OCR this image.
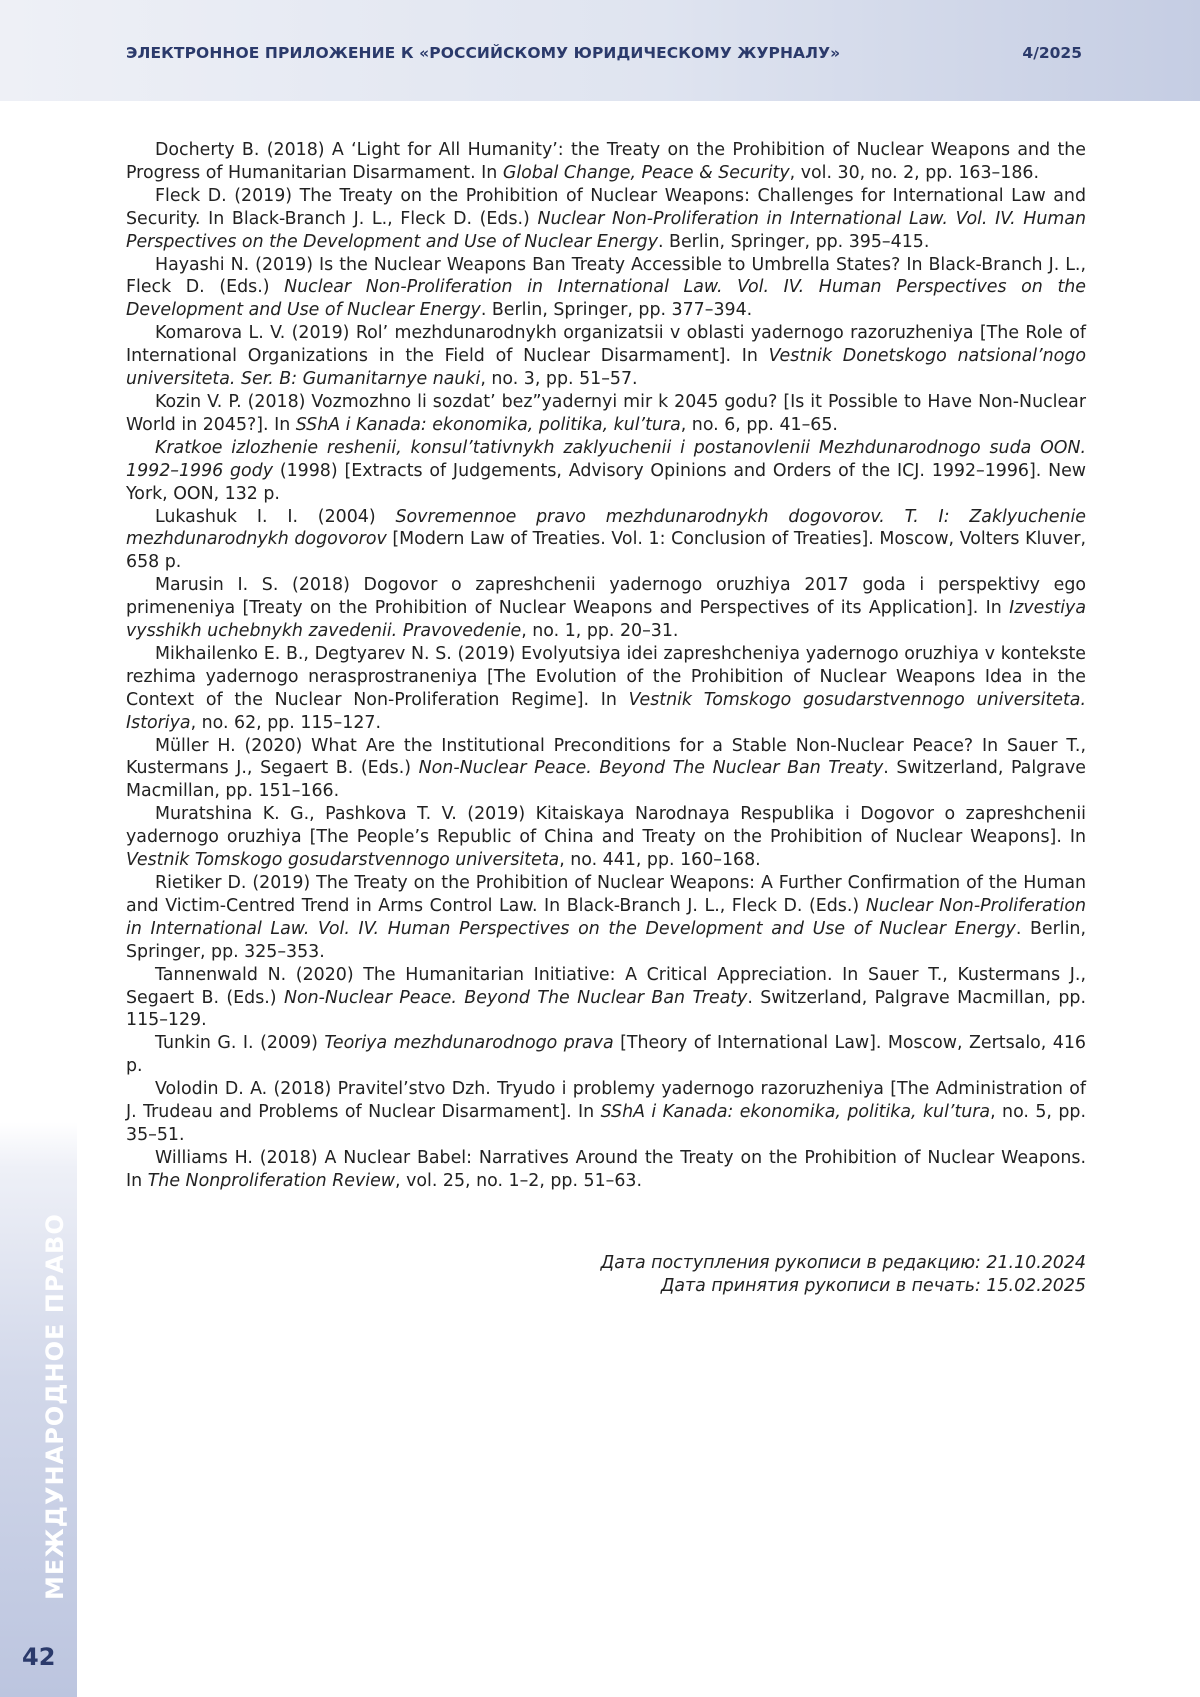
ЭЛЕКТРОННОЕ ПРИЛОЖЕНИЕ К «РОССИЙСКОМУ ЮРИДИЧЕСКОМУ ЖУРНАЛУ»	4/2025
МЕЖДУНАРОДНОЕ ПРАВО
42

Docherty B. (2018) A ‘Light for All Humanity’: the Treaty on the Prohibition of Nuclear Weapons and the Progress of Humanitarian Disarmament. In Global Change, Peace & Security, vol. 30, no. 2, pp. 163–186.

Fleck D. (2019) The Treaty on the Prohibition of Nuclear Weapons: Challenges for International Law and Security. In Black-Branch J. L., Fleck D. (Eds.) Nuclear Non-Proliferation in International Law. Vol. IV. Human Perspectives on the Development and Use of Nuclear Energy. Berlin, Springer, pp. 395–415.

Hayashi N. (2019) Is the Nuclear Weapons Ban Treaty Accessible to Umbrella States? In Black-Branch J. L., Fleck D. (Eds.) Nuclear Non-Proliferation in International Law. Vol. IV. Human Perspectives on the Development and Use of Nuclear Energy. Berlin, Springer, pp. 377–394.

Komarova L. V. (2019) Rol’ mezhdunarodnykh organizatsii v oblasti yadernogo razoruzheniya [The Role of International Organizations in the Field of Nuclear Disarmament]. In Vestnik Donetskogo natsional’nogo universiteta. Ser. B: Gumanitarnye nauki, no. 3, pp. 51–57.

Kozin V. P. (2018) Vozmozhno li sozdat’ bez”yadernyi mir k 2045 godu? [Is it Possible to Have Non-Nuclear World in 2045?]. In SShA i Kanada: ekonomika, politika, kul’tura, no. 6, pp. 41–65.

Kratkoe izlozhenie reshenii, konsul’tativnykh zaklyuchenii i postanovlenii Mezhdunarodnogo suda OON. 1992–1996 gody (1998) [Extracts of Judgements, Advisory Opinions and Orders of the ICJ. 1992–1996]. New York, OON, 132 p.

Lukashuk I. I. (2004) Sovremennoe pravo mezhdunarodnykh dogovorov. T. I: Zaklyuchenie mezhdunarodnykh dogovorov [Modern Law of Treaties. Vol. 1: Conclusion of Treaties]. Moscow, Volters Kluver, 658 p.

Marusin I. S. (2018) Dogovor o zapreshchenii yadernogo oruzhiya 2017 goda i perspektivy ego primeneniya [Treaty on the Prohibition of Nuclear Weapons and Perspectives of its Application]. In Izvestiya vysshikh uchebnykh zavedenii. Pravovedenie, no. 1, pp. 20–31.

Mikhailenko E. B., Degtyarev N. S. (2019) Evolyutsiya idei zapreshcheniya yadernogo oruzhiya v kontekste rezhima yadernogo nerasprostraneniya [The Evolution of the Prohibition of Nuclear Weapons Idea in the Context of the Nuclear Non-Proliferation Regime]. In Vestnik Tomskogo gosudarstvennogo universiteta. Istoriya, no. 62, pp. 115–127.

Müller H. (2020) What Are the Institutional Preconditions for a Stable Non-Nuclear Peace? In Sauer T., Kustermans J., Segaert B. (Eds.) Non-Nuclear Peace. Beyond The Nuclear Ban Treaty. Switzerland, Palgrave Macmillan, pp. 151–166.

Muratshina K. G., Pashkova T. V. (2019) Kitaiskaya Narodnaya Respublika i Dogovor o zapreshchenii yadernogo oruzhiya [The People’s Republic of China and Treaty on the Prohibition of Nuclear Weapons]. In Vestnik Tomskogo gosudarstvennogo universiteta, no. 441, pp. 160–168.

Rietiker D. (2019) The Treaty on the Prohibition of Nuclear Weapons: A Further Confirmation of the Human and Victim-Centred Trend in Arms Control Law. In Black-Branch J. L., Fleck D. (Eds.) Nuclear Non-Proliferation in International Law. Vol. IV. Human Perspectives on the Development and Use of Nuclear Energy. Berlin, Springer, pp. 325–353.

Tannenwald N. (2020) The Humanitarian Initiative: A Critical Appreciation. In Sauer T., Kustermans J., Segaert B. (Eds.) Non-Nuclear Peace. Beyond The Nuclear Ban Treaty. Switzerland, Palgrave Macmillan, pp. 115–129.

Tunkin G. I. (2009) Teoriya mezhdunarodnogo prava [Theory of International Law]. Moscow, Zertsalo, 416 p.

Volodin D. A. (2018) Pravitel’stvo Dzh. Tryudo i problemy yadernogo razoruzheniya [The Administration of J. Trudeau and Problems of Nuclear Disarmament]. In SShA i Kanada: ekonomika, politika, kul’tura, no. 5, pp. 35–51.

Williams H. (2018) A Nuclear Babel: Narratives Around the Treaty on the Prohibition of Nuclear Weapons. In The Nonproliferation Review, vol. 25, no. 1–2, pp. 51–63.

Дата поступления рукописи в редакцию: 21.10.2024
Дата принятия рукописи в печать: 15.02.2025
